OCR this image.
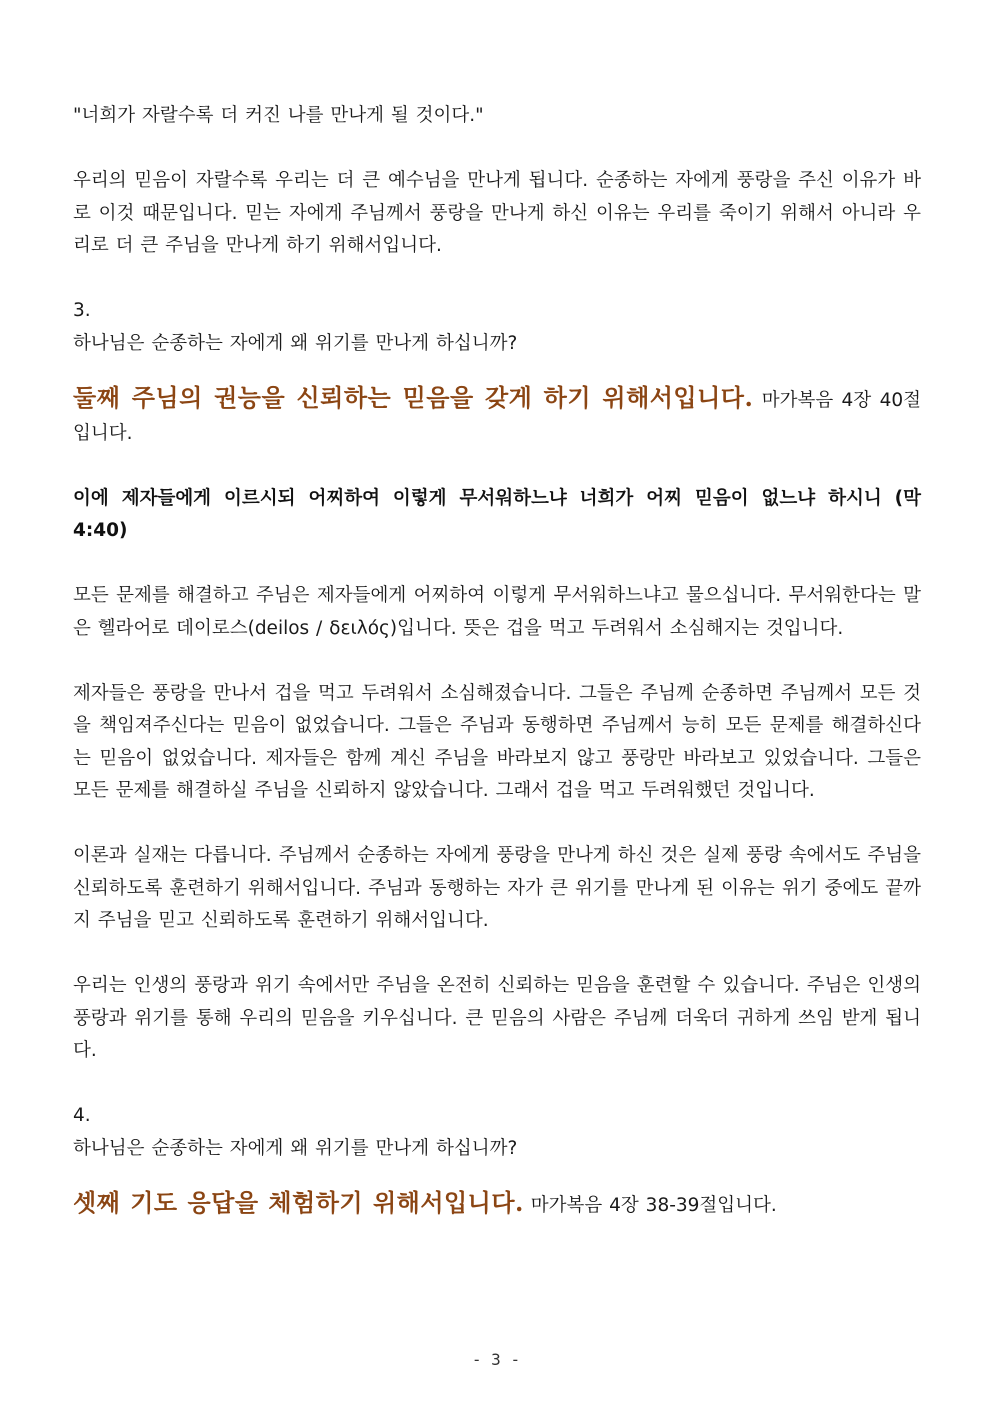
"너희가 자랄수록 더 커진 나를 만나게 될 것이다."

우리의 믿음이 자랄수록 우리는 더 큰 예수님을 만나게 됩니다. 순종하는 자에게 풍랑을 주신 이유가 바로 이것 때문입니다. 믿는 자에게 주님께서 풍랑을 만나게 하신 이유는 우리를 죽이기 위해서 아니라 우리로 더 큰 주님을 만나게 하기 위해서입니다.

3.

하나님은 순종하는 자에게 왜 위기를 만나게 하십니까?

둘째 주님의 권능을 신뢰하는 믿음을 갖게 하기 위해서입니다. 마가복음 4장 40절입니다.

이에 제자들에게 이르시되 어찌하여 이렇게 무서워하느냐 너희가 어찌 믿음이 없느냐 하시니 (막 4:40)

모든 문제를 해결하고 주님은 제자들에게 어찌하여 이렇게 무서워하느냐고 물으십니다. 무서워한다는 말은 헬라어로 데이로스(deilos / δειλός)입니다. 뜻은 겁을 먹고 두려워서 소심해지는 것입니다.

제자들은 풍랑을 만나서 겁을 먹고 두려워서 소심해졌습니다. 그들은 주님께 순종하면 주님께서 모든 것을 책임져주신다는 믿음이 없었습니다. 그들은 주님과 동행하면 주님께서 능히 모든 문제를 해결하신다는 믿음이 없었습니다. 제자들은 함께 계신 주님을 바라보지 않고 풍랑만 바라보고 있었습니다. 그들은 모든 문제를 해결하실 주님을 신뢰하지 않았습니다. 그래서 겁을 먹고 두려워했던 것입니다.

이론과 실재는 다릅니다. 주님께서 순종하는 자에게 풍랑을 만나게 하신 것은 실제 풍랑 속에서도 주님을 신뢰하도록 훈련하기 위해서입니다. 주님과 동행하는 자가 큰 위기를 만나게 된 이유는 위기 중에도 끝까지 주님을 믿고 신뢰하도록 훈련하기 위해서입니다.

우리는 인생의 풍랑과 위기 속에서만 주님을 온전히 신뢰하는 믿음을 훈련할 수 있습니다. 주님은 인생의 풍랑과 위기를 통해 우리의 믿음을 키우십니다. 큰 믿음의 사람은 주님께 더욱더 귀하게 쓰임 받게 됩니다.

4.

하나님은 순종하는 자에게 왜 위기를 만나게 하십니까?

셋째 기도 응답을 체험하기 위해서입니다. 마가복음 4장 38-39절입니다.

- 3 -
